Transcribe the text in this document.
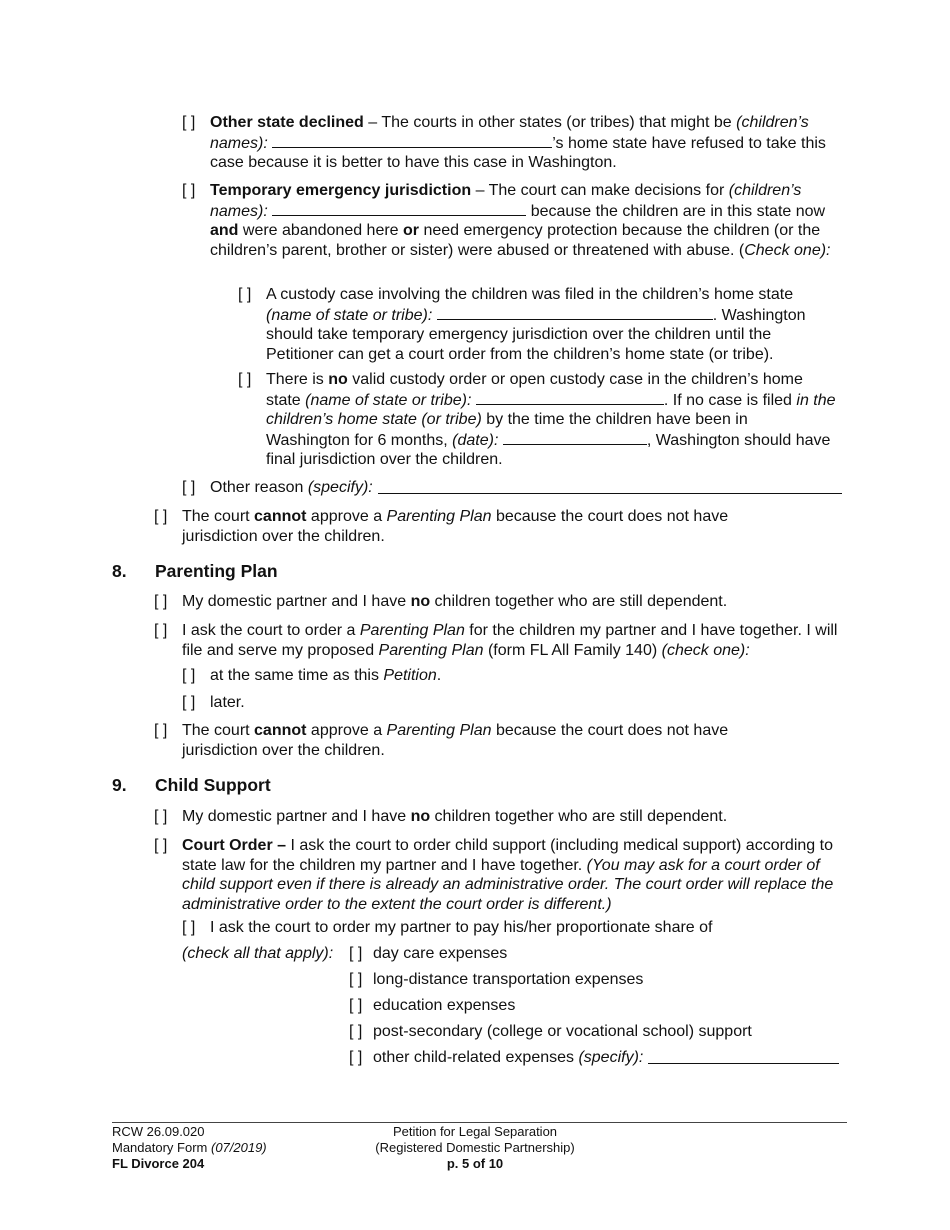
[ ] Other state declined – The courts in other states (or tribes) that might be (children’s names):	’s home state have refused to take this case because it is better to have this case in Washington.
[ ] Temporary emergency jurisdiction – The court can make decisions for (children’s names):	because the children are in this state now and were abandoned here or need emergency protection because the children (or the children’s parent, brother or sister) were abused or threatened with abuse. (Check one):
[ ] A custody case involving the children was filed in the children’s home state (name of state or tribe):	. Washington should take temporary emergency jurisdiction over the children until the Petitioner can get a court order from the children’s home state (or tribe).
[ ] There is no valid custody order or open custody case in the children’s home state (name of state or tribe):	. If no case is filed in the children’s home state (or tribe) by the time the children have been in Washington for 6 months, (date):	, Washington should have final jurisdiction over the children.
[ ] Other reason (specify):
[ ] The court cannot approve a Parenting Plan because the court does not have jurisdiction over the children.
8. Parenting Plan
[ ] My domestic partner and I have no children together who are still dependent.
[ ] I ask the court to order a Parenting Plan for the children my partner and I have together. I will file and serve my proposed Parenting Plan (form FL All Family 140) (check one):
[ ] at the same time as this Petition.
[ ] later.
[ ] The court cannot approve a Parenting Plan because the court does not have jurisdiction over the children.
9. Child Support
[ ] My domestic partner and I have no children together who are still dependent.
[ ] Court Order – I ask the court to order child support (including medical support) according to state law for the children my partner and I have together. (You may ask for a court order of child support even if there is already an administrative order. The court order will replace the administrative order to the extent the court order is different.)
[ ] I ask the court to order my partner to pay his/her proportionate share of
(check all that apply): [ ] day care expenses
[ ] long-distance transportation expenses
[ ] education expenses
[ ] post-secondary (college or vocational school) support
[ ] other child-related expenses (specify):
RCW 26.09.020
Mandatory Form (07/2019)
FL Divorce 204
Petition for Legal Separation
(Registered Domestic Partnership)
p. 5 of 10
